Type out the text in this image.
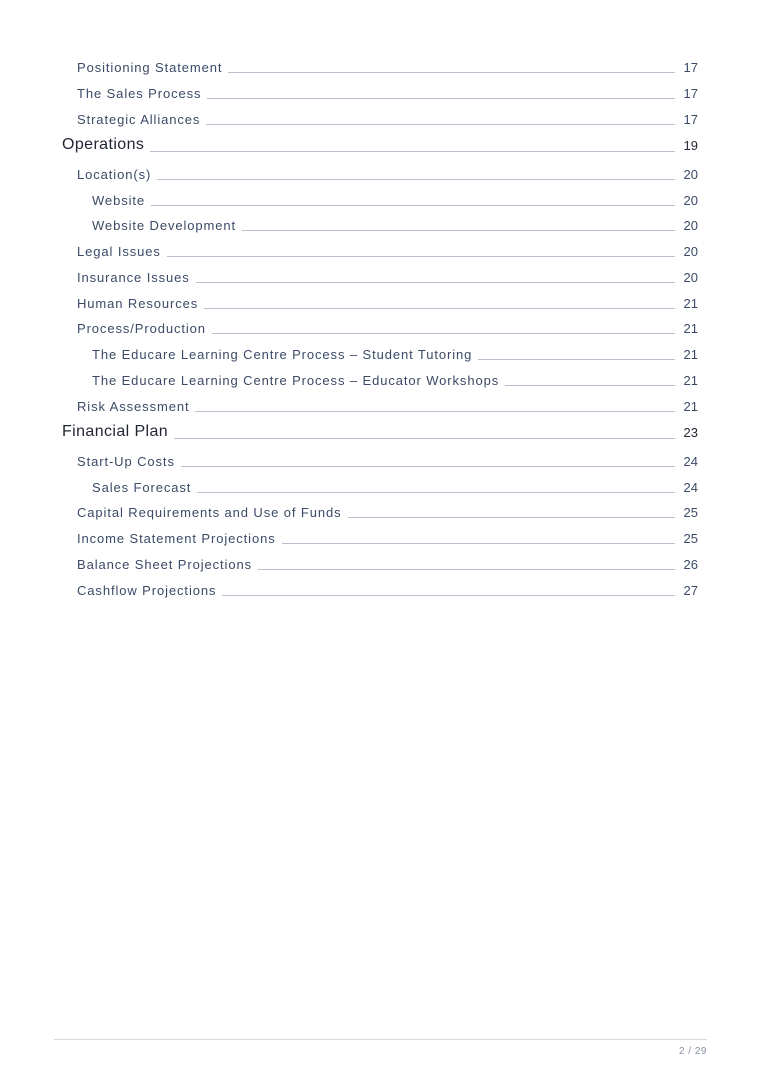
Positioning Statement	17
The Sales Process	17
Strategic Alliances	17
Operations	19
Location(s)	20
Website	20
Website Development	20
Legal Issues	20
Insurance Issues	20
Human Resources	21
Process/Production	21
The Educare Learning Centre Process – Student Tutoring	21
The Educare Learning Centre Process – Educator Workshops	21
Risk Assessment	21
Financial Plan	23
Start-Up Costs	24
Sales Forecast	24
Capital Requirements and Use of Funds	25
Income Statement Projections	25
Balance Sheet Projections	26
Cashflow Projections	27
2 / 29
